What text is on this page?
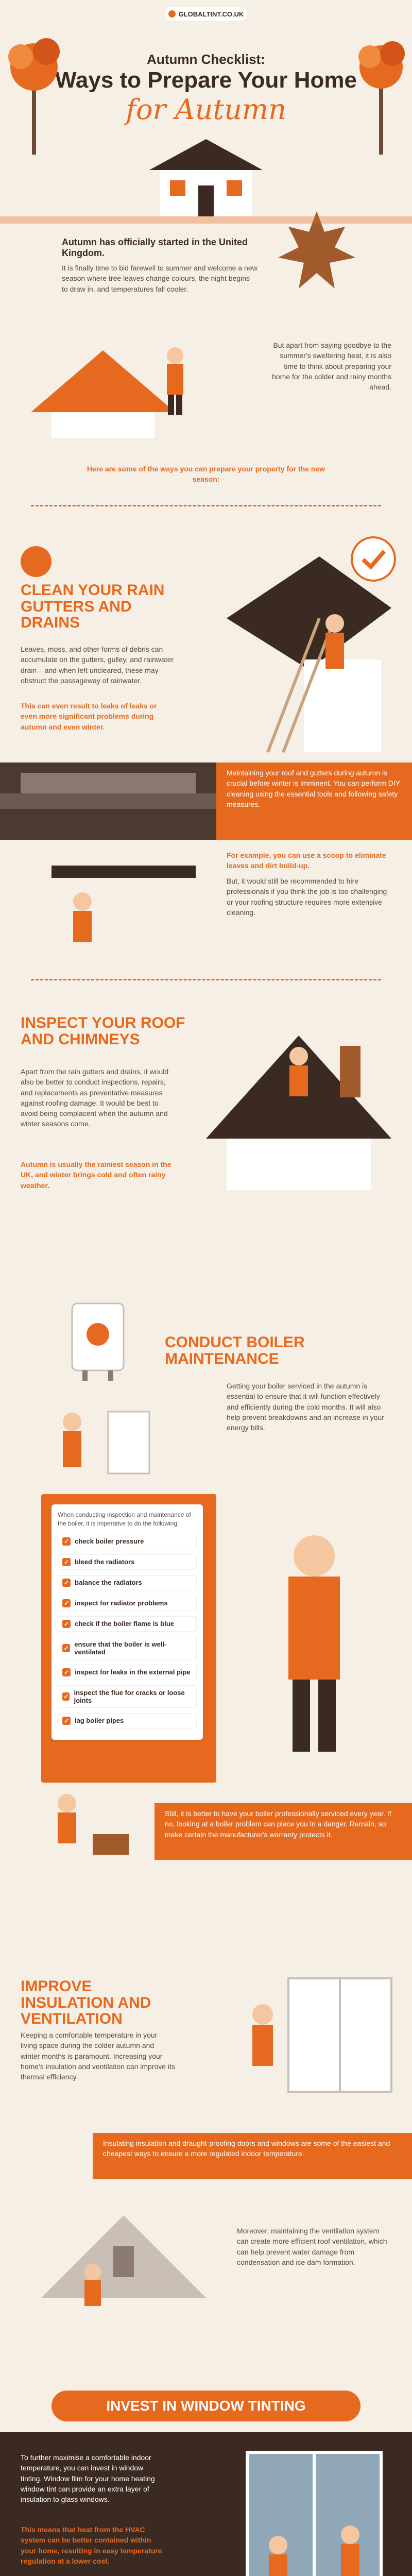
GLOBALTINT.CO.UK
Autumn Checklist:
Ways to Prepare Your Home
for Autumn
Autumn has officially started in the United Kingdom.
It is finally time to bid farewell to summer and welcome a new season where tree leaves change colours, the night begins to draw in, and temperatures fall cooler.
But apart from saying goodbye to the summer's sweltering heat, it is also time to think about preparing your home for the colder and rainy months ahead.
Here are some of the ways you can prepare your property for the new season:
CLEAN YOUR RAIN GUTTERS AND DRAINS
Leaves, moss, and other forms of debris can accumulate on the gutters, gulley, and rainwater drain – and when left uncleared, these may obstruct the passageway of rainwater.
This can even result to leaks of leaks or even more significant problems during autumn and even winter.
Maintaining your roof and gutters during autumn is crucial before winter is imminent. You can perform DIY cleaning using the essential tools and following safety measures.
For example, you can use a scoop to eliminate leaves and dirt build-up.
But, it would still be recommended to hire professionals if you think the job is too challenging or your roofing structure requires more extensive cleaning.
INSPECT YOUR ROOF AND CHIMNEYS
Apart from the rain gutters and drains, it would also be better to conduct inspections, repairs, and replacements as preventative measures against roofing damage. It would be best to avoid being complacent when the autumn and winter seasons come.
Autumn is usually the rainiest season in the UK, and winter brings cold and often rainy weather.
CONDUCT BOILER MAINTENANCE
Getting your boiler serviced in the autumn is essential to ensure that it will function effectively and efficiently during the cold months. It will also help prevent breakdowns and an increase in your energy bills.
When conducting inspection and maintenance of the boiler, it is imperative to do the following:
✓ check boiler pressure
✓ bleed the radiators
✓ balance the radiators
✓ inspect for radiator problems
✓ check if the boiler flame is blue
✓ ensure that the boiler is well-ventilated
✓ inspect for leaks in the external pipe
✓ inspect the flue for cracks or loose joints
✓ lag boiler pipes
Still, it is better to have your boiler professionally serviced every year. If no, looking at a boiler problem can place you in a danger. Remain, so make certain the manufacturer's warranty protects it.
IMPROVE INSULATION AND VENTILATION
Keeping a comfortable temperature in your living space during the colder autumn and winter months is paramount. Increasing your home's insulation and ventilation can improve its thermal efficiency.
Insulating insulation and draught-proofing doors and windows are some of the easiest and cheapest ways to ensure a more regulated indoor temperature.
Moreover, maintaining the ventilation system can create more efficient roof ventilation, which can help prevent water damage from condensation and ice dam formation.
INVEST IN WINDOW TINTING
To further maximise a comfortable indoor temperature, you can invest in window tinting. Window film for your home heating window tint can provide an extra layer of insulation to glass windows.
This means that heat from the HVAC system can be better contained within your home, resulting in easy temperature regulation at a lower cost.
